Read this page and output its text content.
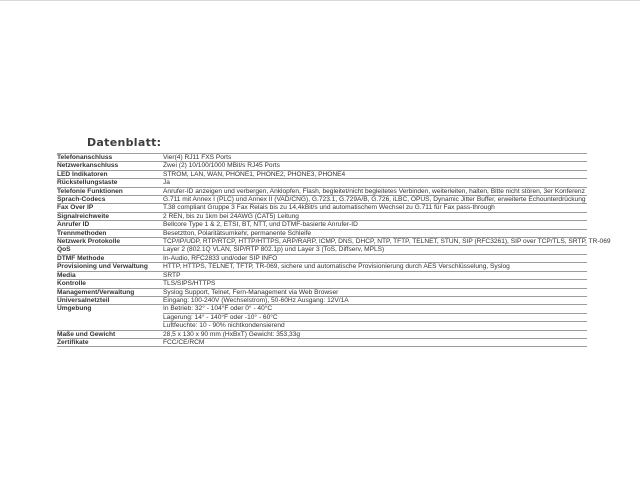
Datenblatt:
Telefonanschluss	Vier(4) RJ11 FXS Ports
Netzwerkanschluss	Zwei (2) 10/100/1000 MBit/s RJ45 Ports
LED Indikatoren	STROM, LAN, WAN, PHONE1, PHONE2, PHONE3, PHONE4
Rückstellungstaste	Ja
Telefonie Funktionen	Anrufer-ID anzeigen und verbergen, Anklopfen, Flash, begleitet/nicht begleitetes Verbinden, weiterleiten, halten, Bitte nicht stören, 3er Konferenz
Sprach-Codecs	G.711 mit Annex I (PLC) und Annex II (VAD/CNG), G.723.1, G.729A/B, G.726, iLBC, OPUS, Dynamic Jitter Buffer, erweiterte Echounterdrückung
Fax Over IP	T.38 compliant Gruppe 3 Fax Relais bis zu 14,4kBit/s und automatischem Wechsel zu G.711 für Fax pass-through
Signalreichweite	2 REN, bis zu 1km bei 24AWG (CAT5) Leitung
Anrufer ID	Bellcore Type 1 & 2, ETSI, BT, NTT, und DTMF-basierte Anrufer-ID
Trennmethoden	Besetztton, Polaritätsumkehr, permanente Schleife
Netzwerk Protokolle	TCP/IP/UDP, RTP/RTCP, HTTP/HTTPS, ARP/RARP, ICMP, DNS, DHCP, NTP, TFTP, TELNET, STUN, SIP (RFC3261), SIP over TCP/TLS, SRTP, TR-069
QoS	Layer 2 (802.1Q VLAN, SIP/RTP 802.1p) und Layer 3 (ToS, Diffserv, MPLS)
DTMF Methode	In-Audio, RFC2833 und/oder SIP INFO
Provisioning und Verwaltung	HTTP, HTTPS, TELNET, TFTP, TR-069, sichere und automatische Provisionierung durch AES Verschlüsselung, Syslog
Media	SRTP
Kontrolle	TLS/SIPS/HTTPS
Management/Verwaltung	Syslog Support, Telnet, Fern-Management via Web Browser
Universalnetzteil	Eingang: 100-240V (Wechselstrom), 50-60Hz Ausgang: 12V/1A
Umgebung	In Betrieb: 32° - 104°F oder 0° - 40°C
Lagerung: 14° - 140°F oder -10° - 60°C
Luftfeuchte: 10 - 90% nichtkondensierend

Maße und Gewicht	28,5 x 130 x 90 mm (HxBxT) Gewicht: 353,33g
Zertifikate	FCC/CE/RCM
